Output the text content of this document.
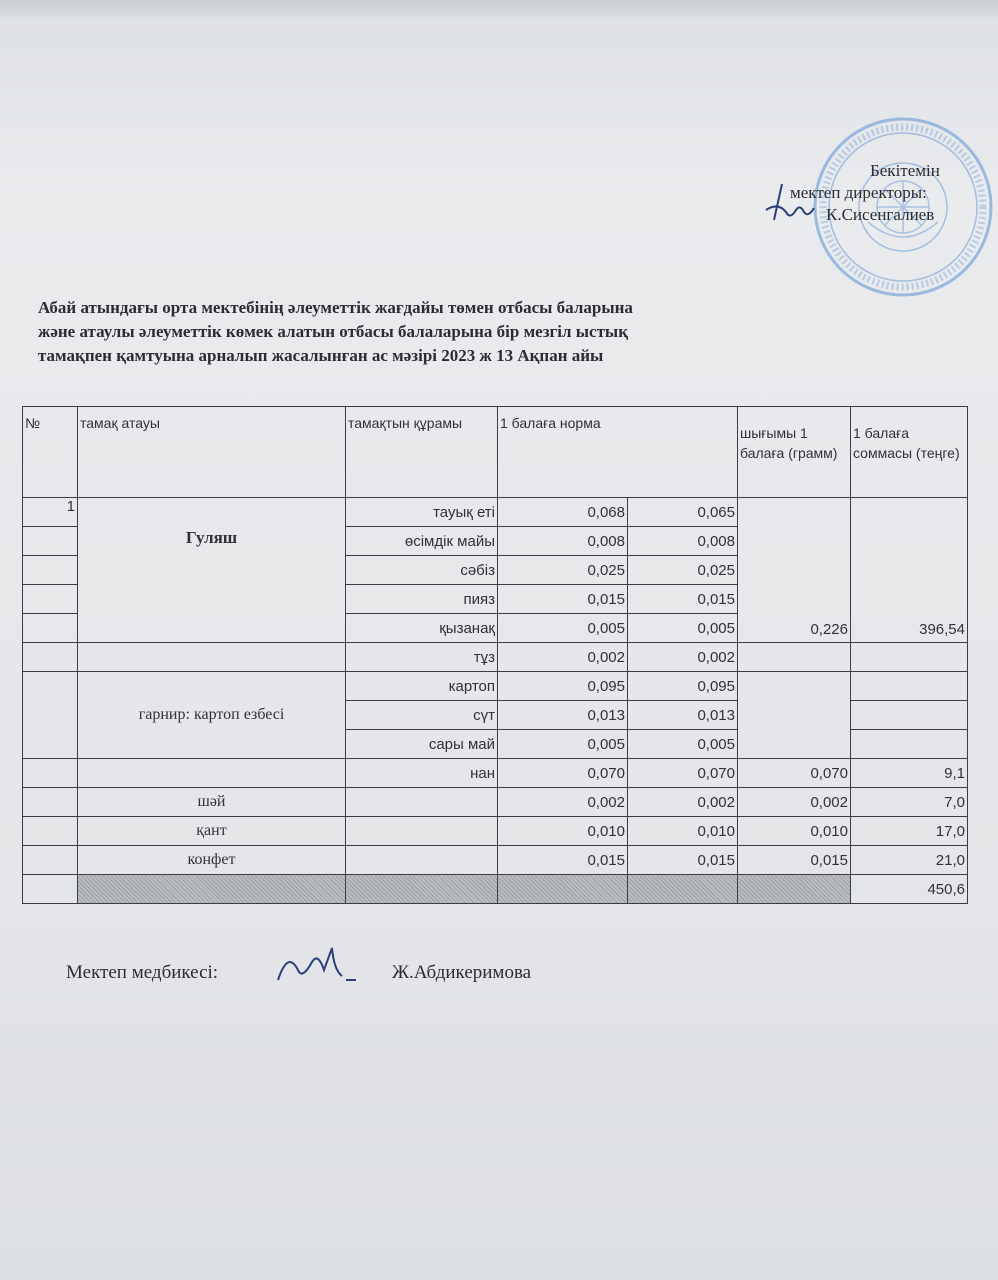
Бекітемін
мектеп директоры:
К.Сисенгалиев
Абай атындағы орта мектебінің әлеуметтік жағдайы төмен отбасы баларына
және атаулы әлеуметтік көмек алатын отбасы балаларына бір мезгіл ыстық
тамақпен қамтуына арналып жасалынған ас мәзірі 2023 ж 13 Ақпан айы
№	тамақ атауы	тамақтын құрамы	1 балаға норма		шығымы 1 балаға (грамм)	1 балаға соммасы (теңге)
1	Гуляш	тауық еті	0,068	0,065	0,226	396,54
		өсімдік майы	0,008	0,008		
		сәбіз	0,025	0,025		
		пияз	0,015	0,015		
		қызанақ	0,005	0,005		
		тұз	0,002	0,002		
	гарнир: картоп езбесі	картоп	0,095	0,095		
		сүт	0,013	0,013		
		сары май	0,005	0,005		
		нан	0,070	0,070	0,070	9,1
	шәй		0,002	0,002	0,002	7,0
	қант		0,010	0,010	0,010	17,0
	конфет		0,015	0,015	0,015	21,0
						450,6
Мектеп медбикесі:	Ж.Абдикеримова
